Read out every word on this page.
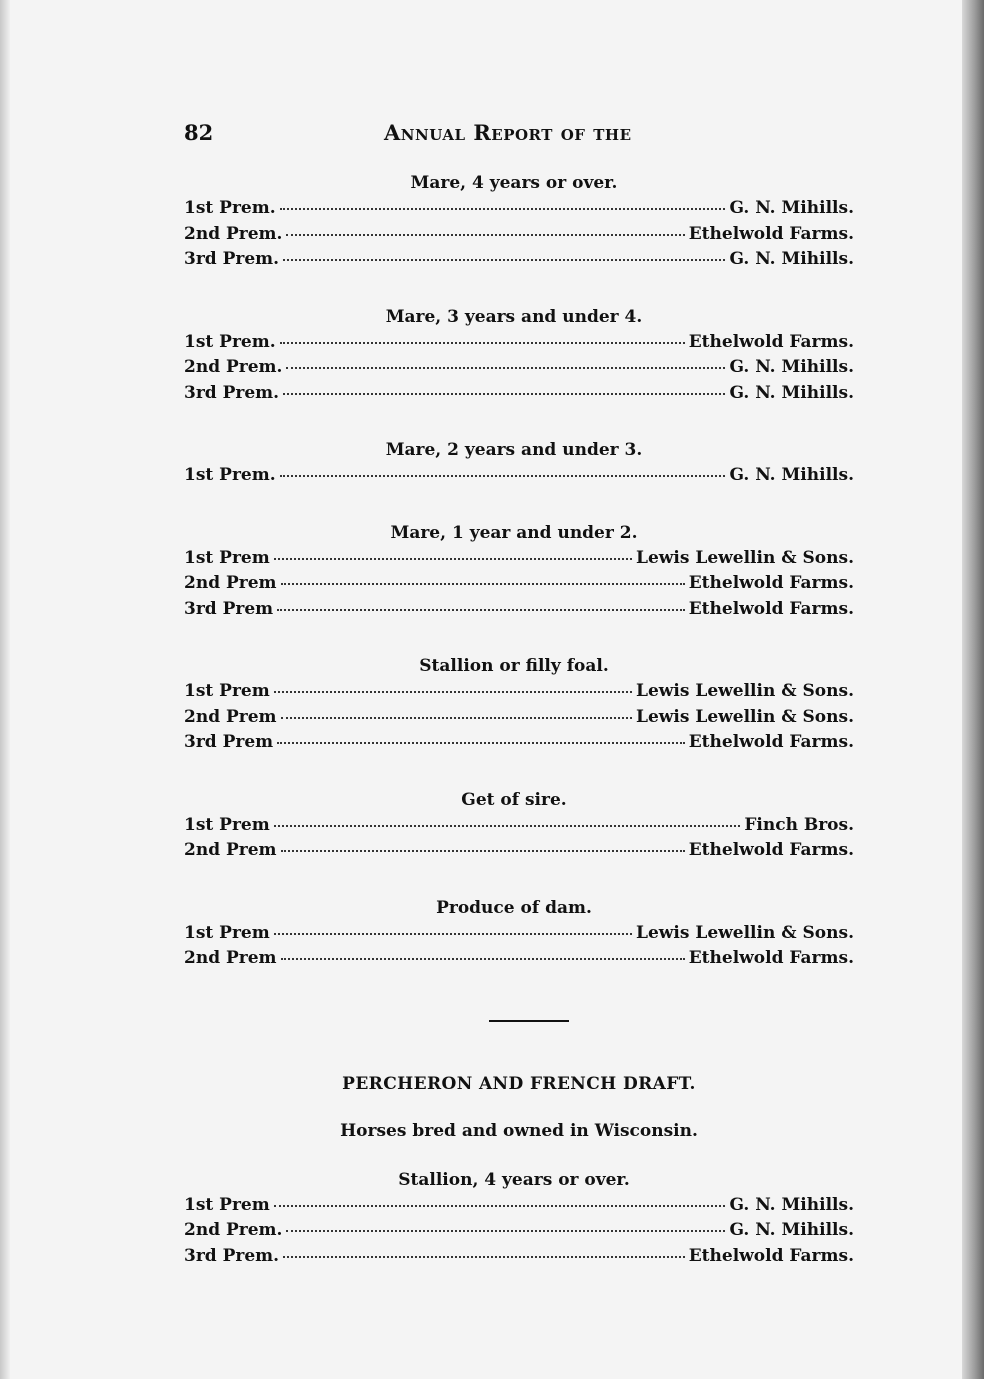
82	Annual Report of the
Mare, 4 years or over.
1st Prem.	G. N. Mihills.
2nd Prem.	Ethelwold Farms.
3rd Prem.	G. N. Mihills.
Mare, 3 years and under 4.
1st Prem.	Ethelwold Farms.
2nd Prem.	G. N. Mihills.
3rd Prem.	G. N. Mihills.
Mare, 2 years and under 3.
1st Prem.	G. N. Mihills.
Mare, 1 year and under 2.
1st Prem	Lewis Lewellin & Sons.
2nd Prem	Ethelwold Farms.
3rd Prem	Ethelwold Farms.
Stallion or filly foal.
1st Prem	Lewis Lewellin & Sons.
2nd Prem	Lewis Lewellin & Sons.
3rd Prem	Ethelwold Farms.
Get of sire.
1st Prem	Finch Bros.
2nd Prem	Ethelwold Farms.
Produce of dam.
1st Prem	Lewis Lewellin & Sons.
2nd Prem	Ethelwold Farms.
PERCHERON AND FRENCH DRAFT.
Horses bred and owned in Wisconsin.
Stallion, 4 years or over.
1st Prem	G. N. Mihills.
2nd Prem.	G. N. Mihills.
3rd Prem.	Ethelwold Farms.
